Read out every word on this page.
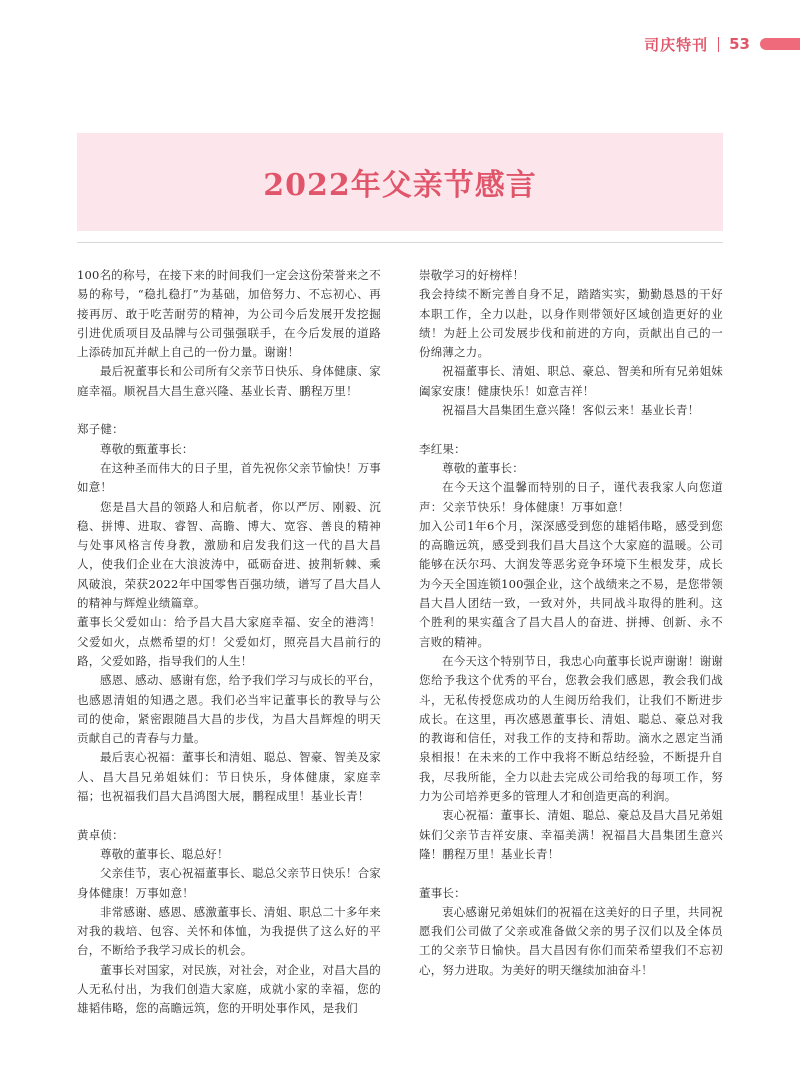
司庆特刊 53
2022年父亲节感言

100名的称号，在接下来的时间我们一定会这份荣誉来之不易的称号，“稳扎稳打”为基础，加倍努力、不忘初心、再接再厉、敢于吃苦耐劳的精神，为公司今后发展开发挖掘引进优质项目及品牌与公司强强联手，在今后发展的道路上添砖加瓦并献上自己的一份力量。谢谢！

最后祝董事长和公司所有父亲节日快乐、身体健康、家庭幸福。顺祝昌大昌生意兴隆、基业长青、鹏程万里！

郑子健：

尊敬的甄董事长：

在这种圣而伟大的日子里，首先祝你父亲节愉快！万事如意！

您是昌大昌的领路人和启航者，你以严厉、刚毅、沉稳、拼博、进取、睿智、高瞻、博大、宽容、善良的精神与处事风格言传身教，激励和启发我们这一代的昌大昌人，使我们企业在大浪波涛中，砥砺奋进、披荆斩棘、乘风破浪，荣获2022年中国零售百强功绩，谱写了昌大昌人的精神与辉煌业绩篇章。

董事长父爱如山：给予昌大昌大家庭幸福、安全的港湾！父爱如火，点燃希望的灯！父爱如灯，照亮昌大昌前行的路，父爱如路，指导我们的人生！

感恩、感动、感谢有您，给予我们学习与成长的平台，也感恩清姐的知遇之恩。我们必当牢记董事长的教导与公司的使命，紧密跟随昌大昌的步伐，为昌大昌辉煌的明天贡献自己的青春与力量。

最后衷心祝福：董事长和清姐、聪总、智豪、智美及家人、昌大昌兄弟姐妹们：节日快乐，身体健康，家庭幸福；也祝福我们昌大昌鸿图大展，鹏程成里！基业长青！

黄卓侦：

尊敬的董事长、聪总好！

父亲佳节，衷心祝福董事长、聪总父亲节日快乐！合家身体健康！万事如意！

非常感谢、感恩、感激董事长、清姐、职总二十多年来对我的栽培、包容、关怀和体恤，为我提供了这么好的平台，不断给予我学习成长的机会。

董事长对国家，对民族，对社会，对企业，对昌大昌的人无私付出，为我们创造大家庭，成就小家的幸福，您的雄韬伟略，您的高瞻远筑，您的开明处事作风，是我们

崇敬学习的好榜样！

我会持续不断完善自身不足，踏踏实实，勤勤恳恳的干好本职工作，全力以赴，以身作则带领好区域创造更好的业绩！为赶上公司发展步伐和前进的方向，贡献出自己的一份绵薄之力。

祝福董事长、清姐、职总、豪总、智美和所有兄弟姐妹阖家安康！健康快乐！如意吉祥！

祝福昌大昌集团生意兴隆！客似云来！基业长青！

李红果：

尊敬的董事长：

在今天这个温馨而特别的日子，谨代表我家人向您道声：父亲节快乐！身体健康！万事如意！

加入公司1年6个月，深深感受到您的雄韬伟略，感受到您的高瞻远筑，感受到我们昌大昌这个大家庭的温暖。公司能够在沃尔玛、大润发等恶劣竞争环境下生根发芽，成长为今天全国连锁100强企业，这个战绩来之不易，是您带领昌大昌人团结一致，一致对外，共同战斗取得的胜利。这个胜利的果实蕴含了昌大昌人的奋进、拼搏、创新、永不言败的精神。

在今天这个特别节日，我忠心向董事长说声谢谢！谢谢您给予我这个优秀的平台，您教会我们感恩，教会我们战斗，无私传授您成功的人生阅历给我们，让我们不断进步成长。在这里，再次感恩董事长、清姐、聪总、豪总对我的教诲和信任，对我工作的支持和帮助。滴水之恩定当涌泉相报！在未来的工作中我将不断总结经验，不断提升自我，尽我所能，全力以赴去完成公司给我的每项工作，努力为公司培养更多的管理人才和创造更高的利润。

衷心祝福：董事长、清姐、聪总、豪总及昌大昌兄弟姐妹们父亲节吉祥安康、幸福美满！祝福昌大昌集团生意兴隆！鹏程万里！基业长青！

董事长：

衷心感谢兄弟姐妹们的祝福在这美好的日子里，共同祝愿我们公司做了父亲或准备做父亲的男子汉们以及全体员工的父亲节日愉快。昌大昌因有你们而荣希望我们不忘初心，努力进取。为美好的明天继续加油奋斗！
